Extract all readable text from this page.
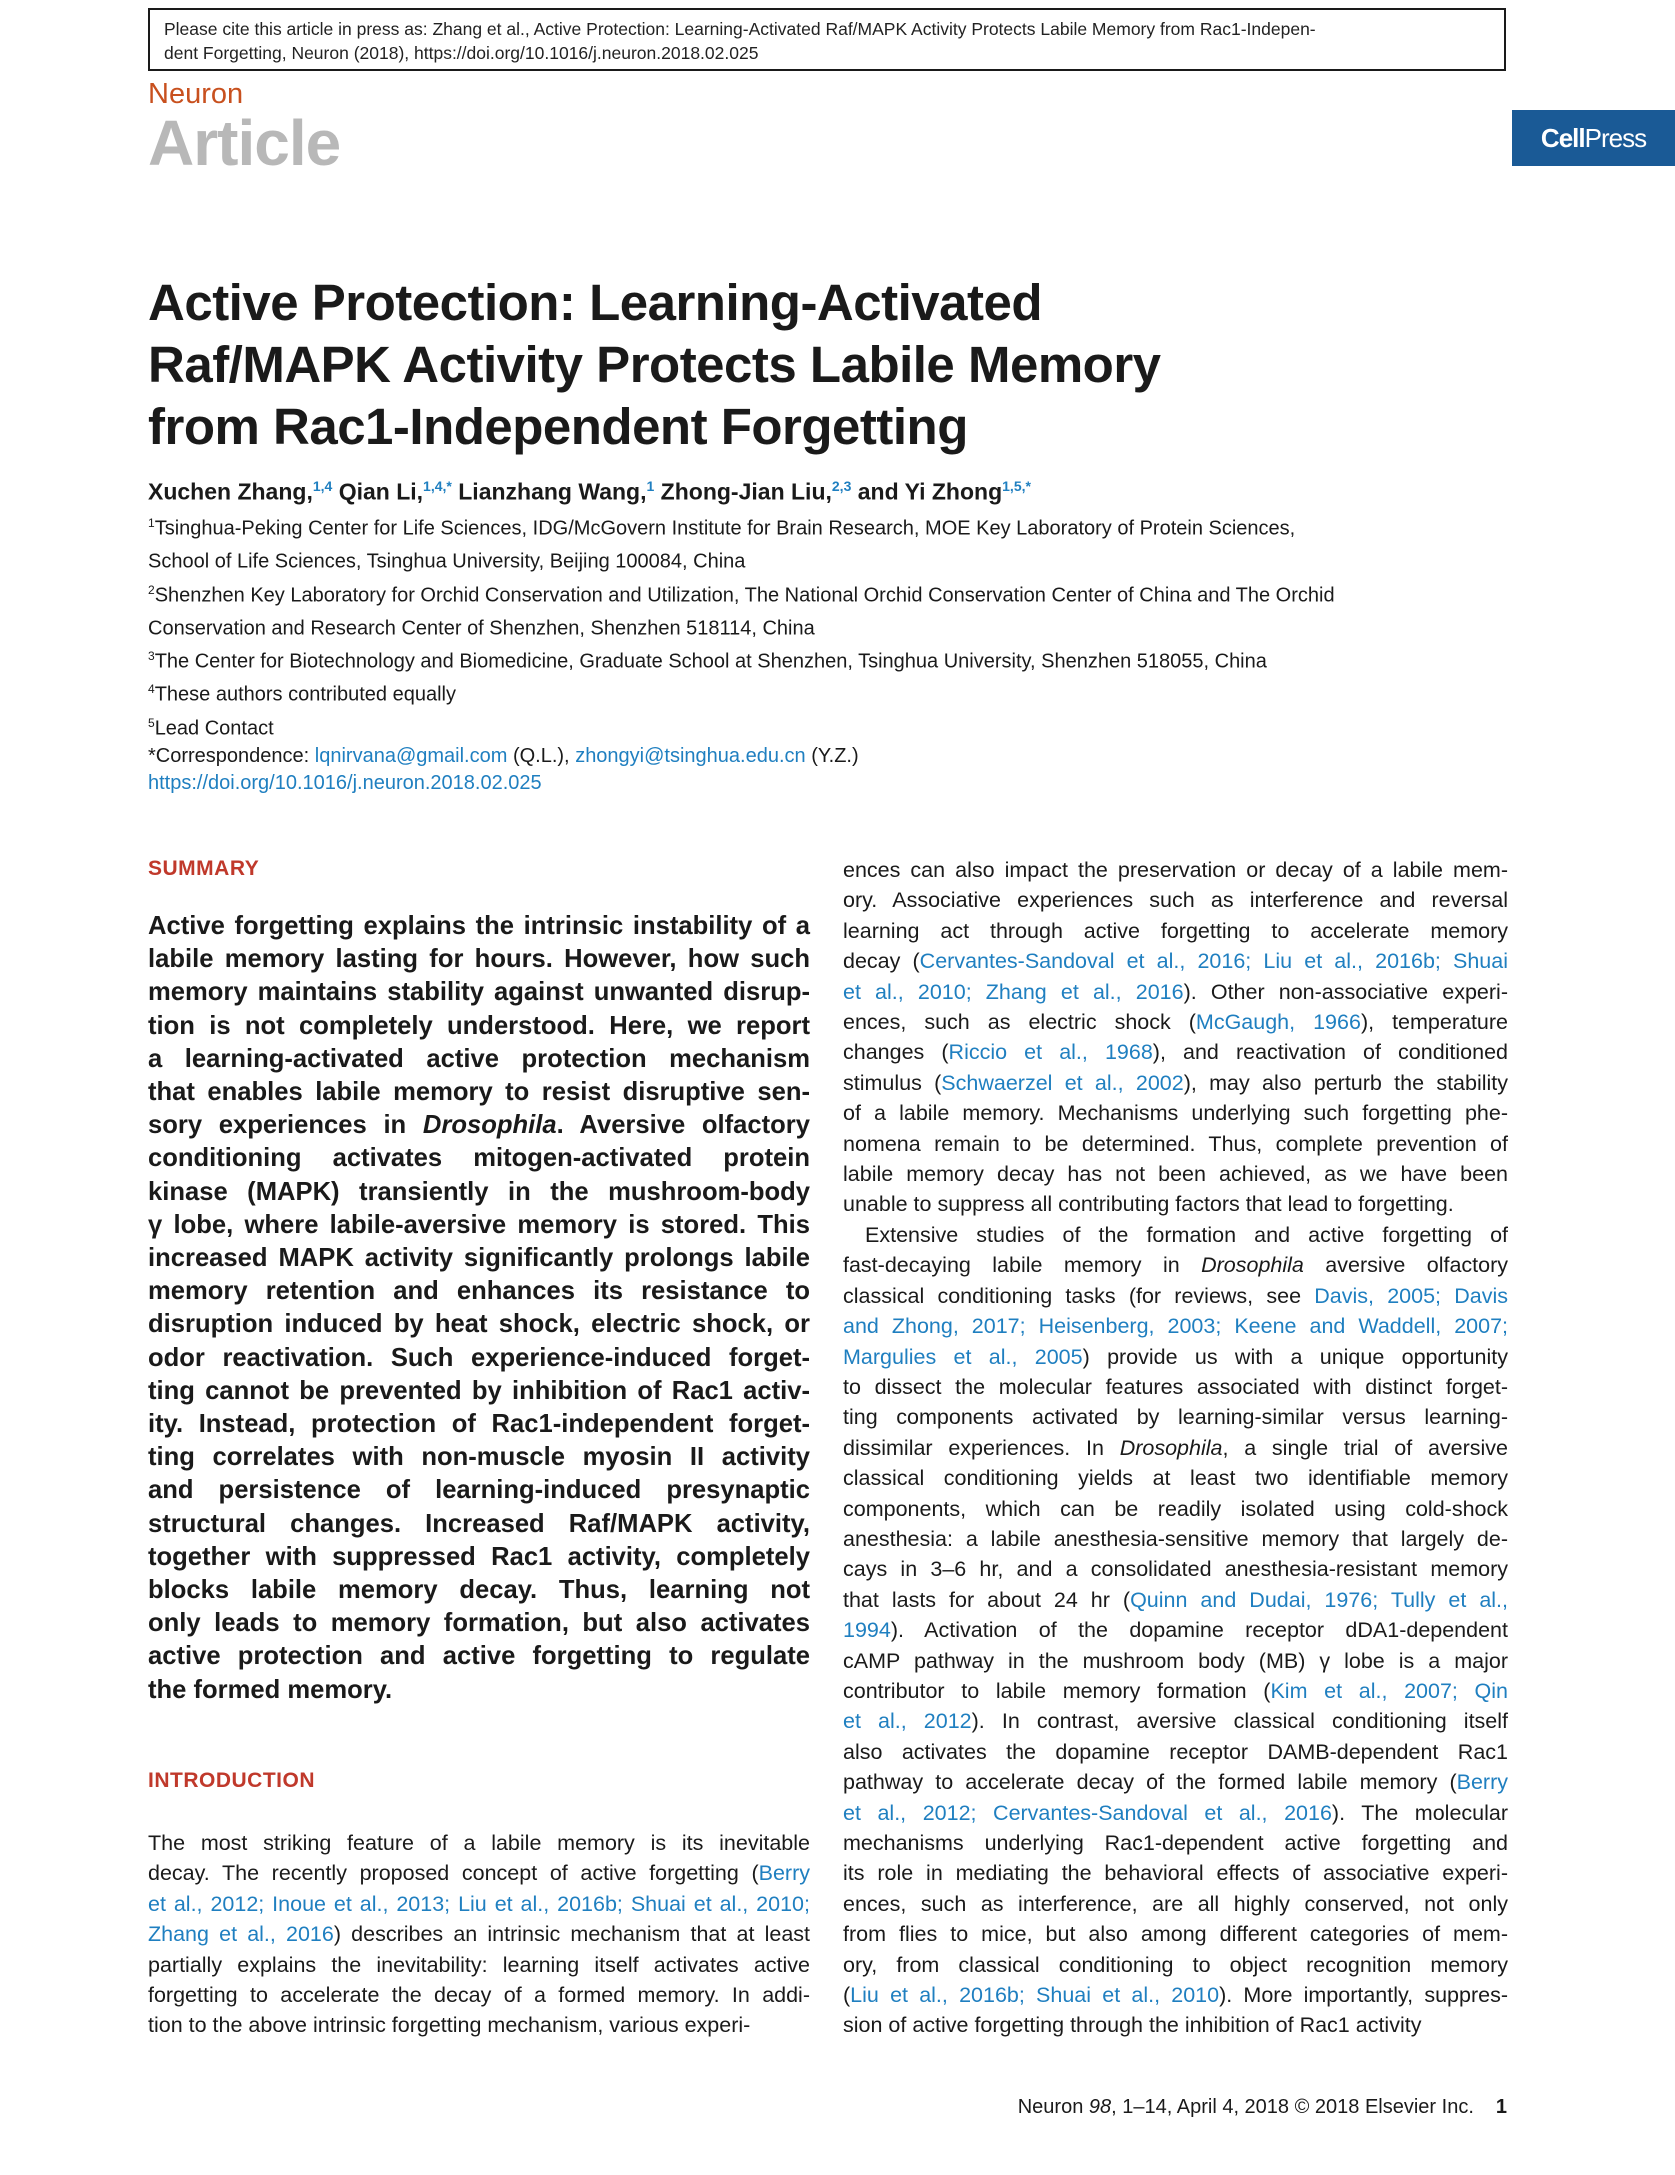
Please cite this article in press as: Zhang et al., Active Protection: Learning-Activated Raf/MAPK Activity Protects Labile Memory from Rac1-Indepen-
dent Forgetting, Neuron (2018), https://doi.org/10.1016/j.neuron.2018.02.025
Neuron
Article	Cell Press
Active Protection: Learning-Activated
Raf/MAPK Activity Protects Labile Memory
from Rac1-Independent Forgetting
Xuchen Zhang,$^{1,4}$ Qian Li,$^{1,4,*}$ Lianzhang Wang,$^1$ Zhong-Jian Liu,$^{2,3}$ and Yi Zhong$^{1,5,*}$
$^1$Tsinghua-Peking Center for Life Sciences, IDG/McGovern Institute for Brain Research, MOE Key Laboratory of Protein Sciences,
School of Life Sciences, Tsinghua University, Beijing 100084, China
$^2$Shenzhen Key Laboratory for Orchid Conservation and Utilization, The National Orchid Conservation Center of China and The Orchid
Conservation and Research Center of Shenzhen, Shenzhen 518114, China
$^3$The Center for Biotechnology and Biomedicine, Graduate School at Shenzhen, Tsinghua University, Shenzhen 518055, China
$^4$These authors contributed equally
$^5$Lead Contact
*Correspondence: lqnirvana@gmail.com (Q.L.), zhongyi@tsinghua.edu.cn (Y.Z.)
https://doi.org/10.1016/j.neuron.2018.02.025
SUMMARY
Active forgetting explains the intrinsic instability of a
labile memory lasting for hours. However, how such
memory maintains stability against unwanted disrup-
tion is not completely understood. Here, we report
a learning-activated active protection mechanism
that enables labile memory to resist disruptive sen-
sory experiences in Drosophila. Aversive olfactory
conditioning activates mitogen-activated protein
kinase (MAPK) transiently in the mushroom-body
γ lobe, where labile-aversive memory is stored. This
increased MAPK activity significantly prolongs labile
memory retention and enhances its resistance to
disruption induced by heat shock, electric shock, or
odor reactivation. Such experience-induced forget-
ting cannot be prevented by inhibition of Rac1 activ-
ity. Instead, protection of Rac1-independent forget-
ting correlates with non-muscle myosin II activity
and persistence of learning-induced presynaptic
structural changes. Increased Raf/MAPK activity,
together with suppressed Rac1 activity, completely
blocks labile memory decay. Thus, learning not
only leads to memory formation, but also activates
active protection and active forgetting to regulate
the formed memory.
INTRODUCTION
The most striking feature of a labile memory is its inevitable
decay. The recently proposed concept of active forgetting (Berry
et al., 2012; Inoue et al., 2013; Liu et al., 2016b; Shuai et al., 2010;
Zhang et al., 2016) describes an intrinsic mechanism that at least
partially explains the inevitability: learning itself activates active
forgetting to accelerate the decay of a formed memory. In addi-
tion to the above intrinsic forgetting mechanism, various experi-
ences can also impact the preservation or decay of a labile mem-
ory. Associative experiences such as interference and reversal
learning act through active forgetting to accelerate memory
decay (Cervantes-Sandoval et al., 2016; Liu et al., 2016b; Shuai
et al., 2010; Zhang et al., 2016). Other non-associative experi-
ences, such as electric shock (McGaugh, 1966), temperature
changes (Riccio et al., 1968), and reactivation of conditioned
stimulus (Schwaerzel et al., 2002), may also perturb the stability
of a labile memory. Mechanisms underlying such forgetting phe-
nomena remain to be determined. Thus, complete prevention of
labile memory decay has not been achieved, as we have been
unable to suppress all contributing factors that lead to forgetting.
Extensive studies of the formation and active forgetting of
fast-decaying labile memory in Drosophila aversive olfactory
classical conditioning tasks (for reviews, see Davis, 2005; Davis
and Zhong, 2017; Heisenberg, 2003; Keene and Waddell, 2007;
Margulies et al., 2005) provide us with a unique opportunity
to dissect the molecular features associated with distinct forget-
ting components activated by learning-similar versus learning-
dissimilar experiences. In Drosophila, a single trial of aversive
classical conditioning yields at least two identifiable memory
components, which can be readily isolated using cold-shock
anesthesia: a labile anesthesia-sensitive memory that largely de-
cays in 3–6 hr, and a consolidated anesthesia-resistant memory
that lasts for about 24 hr (Quinn and Dudai, 1976; Tully et al.,
1994). Activation of the dopamine receptor dDA1-dependent
cAMP pathway in the mushroom body (MB) γ lobe is a major
contributor to labile memory formation (Kim et al., 2007; Qin
et al., 2012). In contrast, aversive classical conditioning itself
also activates the dopamine receptor DAMB-dependent Rac1
pathway to accelerate decay of the formed labile memory (Berry
et al., 2012; Cervantes-Sandoval et al., 2016). The molecular
mechanisms underlying Rac1-dependent active forgetting and
its role in mediating the behavioral effects of associative experi-
ences, such as interference, are all highly conserved, not only
from flies to mice, but also among different categories of mem-
ory, from classical conditioning to object recognition memory
(Liu et al., 2016b; Shuai et al., 2010). More importantly, suppres-
sion of active forgetting through the inhibition of Rac1 activity
Neuron 98, 1–14, April 4, 2018 © 2018 Elsevier Inc. 1
